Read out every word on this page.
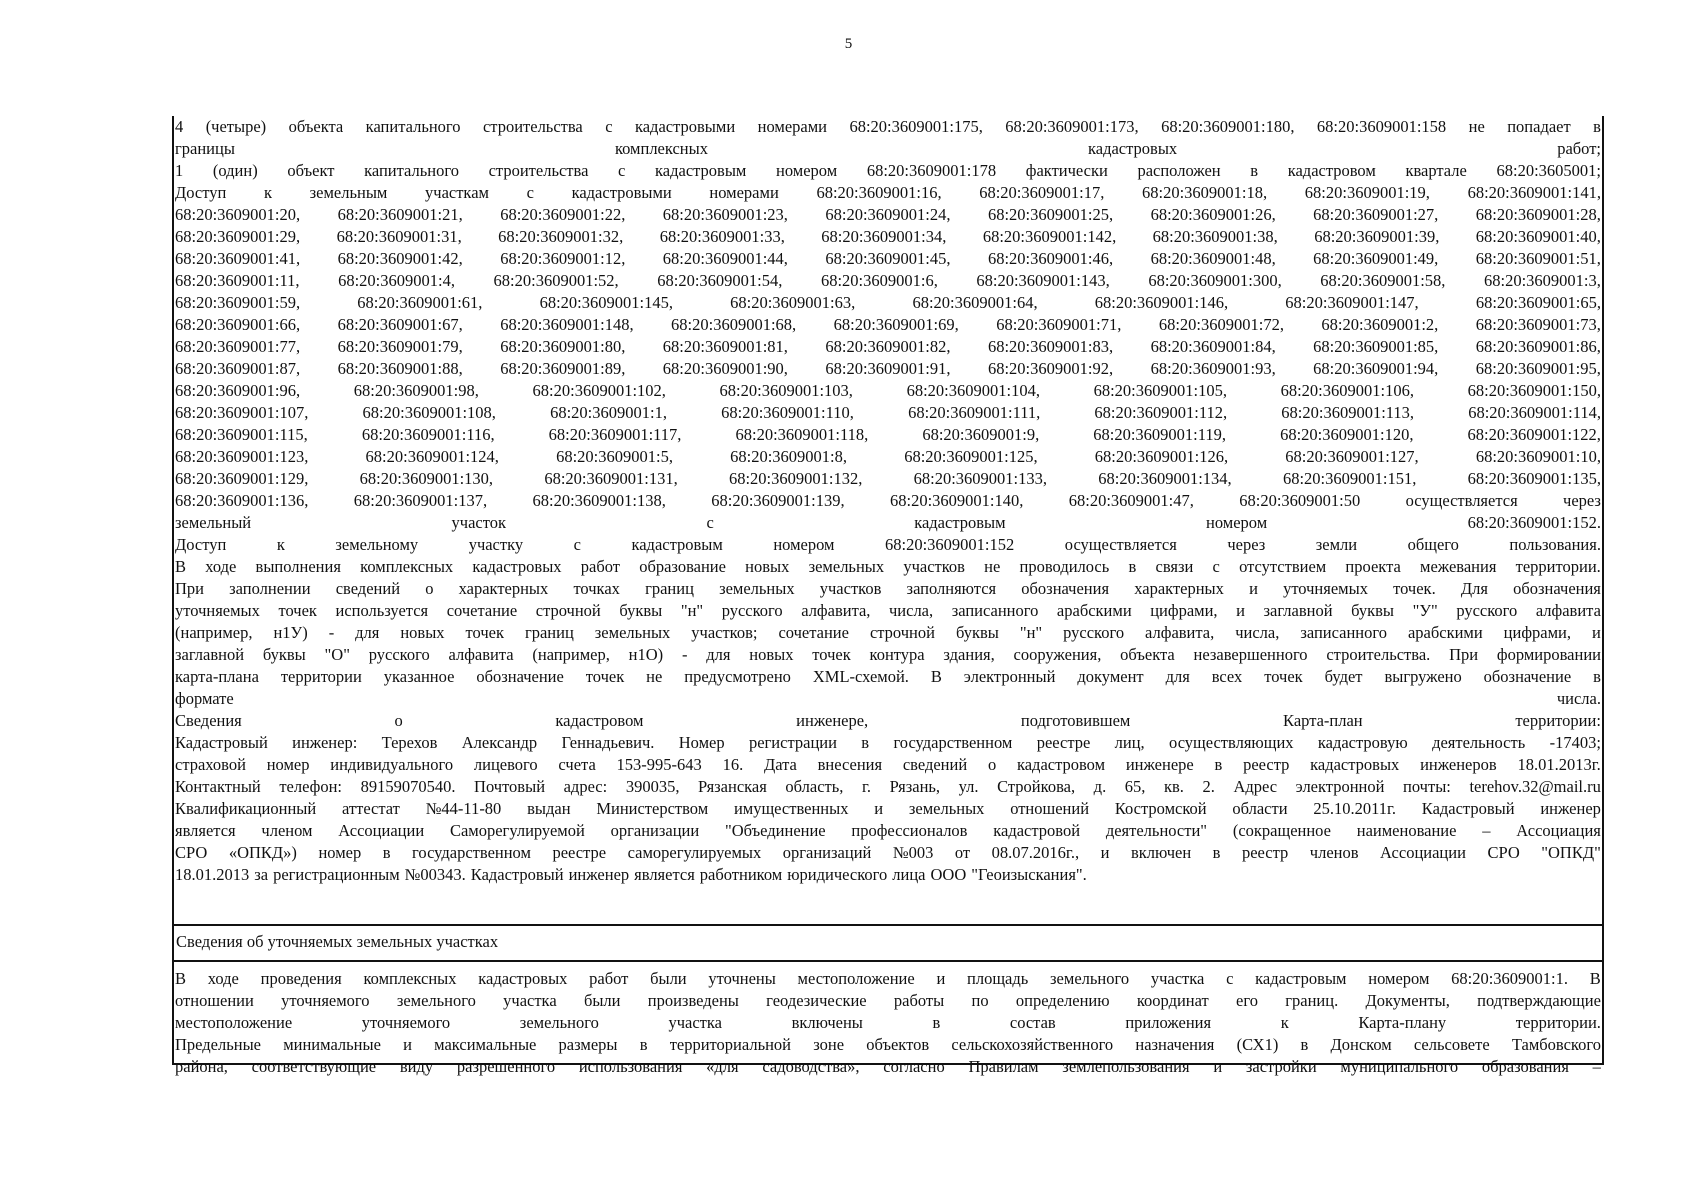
5
4 (четыре) объекта капитального строительства с кадастровыми номерами 68:20:3609001:175, 68:20:3609001:173, 68:20:3609001:180, 68:20:3609001:158 не попадает в
границы	комплексных	кадастровых	работ;
1 (один) объект капитального строительства с кадастровым номером 68:20:3609001:178 фактически расположен в кадастровом квартале 68:20:3605001;
Доступ к земельным участкам с кадастровыми номерами 68:20:3609001:16, 68:20:3609001:17, 68:20:3609001:18, 68:20:3609001:19, 68:20:3609001:141,
68:20:3609001:20, 68:20:3609001:21, 68:20:3609001:22, 68:20:3609001:23, 68:20:3609001:24, 68:20:3609001:25, 68:20:3609001:26, 68:20:3609001:27, 68:20:3609001:28,
68:20:3609001:29, 68:20:3609001:31, 68:20:3609001:32, 68:20:3609001:33, 68:20:3609001:34, 68:20:3609001:142, 68:20:3609001:38, 68:20:3609001:39, 68:20:3609001:40,
68:20:3609001:41, 68:20:3609001:42, 68:20:3609001:12, 68:20:3609001:44, 68:20:3609001:45, 68:20:3609001:46, 68:20:3609001:48, 68:20:3609001:49, 68:20:3609001:51,
68:20:3609001:11, 68:20:3609001:4, 68:20:3609001:52, 68:20:3609001:54, 68:20:3609001:6, 68:20:3609001:143, 68:20:3609001:300, 68:20:3609001:58, 68:20:3609001:3,
68:20:3609001:59,	68:20:3609001:61,	68:20:3609001:145,	68:20:3609001:63,	68:20:3609001:64,	68:20:3609001:146,	68:20:3609001:147,	68:20:3609001:65,
68:20:3609001:66, 68:20:3609001:67, 68:20:3609001:148, 68:20:3609001:68, 68:20:3609001:69, 68:20:3609001:71, 68:20:3609001:72, 68:20:3609001:2, 68:20:3609001:73,
68:20:3609001:77, 68:20:3609001:79, 68:20:3609001:80, 68:20:3609001:81, 68:20:3609001:82, 68:20:3609001:83, 68:20:3609001:84, 68:20:3609001:85, 68:20:3609001:86,
68:20:3609001:87, 68:20:3609001:88, 68:20:3609001:89, 68:20:3609001:90, 68:20:3609001:91, 68:20:3609001:92, 68:20:3609001:93, 68:20:3609001:94, 68:20:3609001:95,
68:20:3609001:96,	68:20:3609001:98,	68:20:3609001:102,	68:20:3609001:103,	68:20:3609001:104,	68:20:3609001:105,	68:20:3609001:106,	68:20:3609001:150,
68:20:3609001:107,	68:20:3609001:108,	68:20:3609001:1,	68:20:3609001:110,	68:20:3609001:111,	68:20:3609001:112,	68:20:3609001:113,	68:20:3609001:114,
68:20:3609001:115,	68:20:3609001:116,	68:20:3609001:117,	68:20:3609001:118,	68:20:3609001:9,	68:20:3609001:119,	68:20:3609001:120,	68:20:3609001:122,
68:20:3609001:123,	68:20:3609001:124,	68:20:3609001:5,	68:20:3609001:8,	68:20:3609001:125,	68:20:3609001:126,	68:20:3609001:127,	68:20:3609001:10,
68:20:3609001:129,	68:20:3609001:130,	68:20:3609001:131,	68:20:3609001:132,	68:20:3609001:133,	68:20:3609001:134,	68:20:3609001:151,	68:20:3609001:135,
68:20:3609001:136,	68:20:3609001:137,	68:20:3609001:138,	68:20:3609001:139,	68:20:3609001:140,	68:20:3609001:47,	68:20:3609001:50	осуществляется	через
земельный	участок	с	кадастровым	номером	68:20:3609001:152.
Доступ	к	земельному	участку	с	кадастровым	номером	68:20:3609001:152	осуществляется	через	земли	общего	пользования.
В ходе выполнения комплексных кадастровых работ образование новых земельных участков не проводилось в связи с отсутствием проекта межевания территории.
При заполнении сведений о характерных точках границ земельных участков заполняются обозначения характерных и уточняемых точек. Для обозначения
уточняемых точек используется сочетание строчной буквы "н" русского алфавита, числа, записанного арабскими цифрами, и заглавной буквы "У" русского алфавита
(например, н1У) - для новых точек границ земельных участков; сочетание строчной буквы "н" русского алфавита, числа, записанного арабскими цифрами, и
заглавной буквы "О" русского алфавита (например, н1О) - для новых точек контура здания, сооружения, объекта незавершенного строительства. При формировании
карта-плана территории указанное обозначение точек не предусмотрено XML-схемой. В электронный документ для всех точек будет выгружено обозначение в
формате	числа.
Сведения	о	кадастровом	инженере,	подготовившем	Карта-план	территории:
Кадастровый инженер: Терехов Александр Геннадьевич. Номер регистрации в государственном реестре лиц, осуществляющих кадастровую деятельность -17403;
страховой номер индивидуального лицевого счета 153-995-643 16. Дата внесения сведений о кадастровом инженере в реестр кадастровых инженеров 18.01.2013г.
Контактный телефон: 89159070540. Почтовый адрес: 390035, Рязанская область, г. Рязань, ул. Стройкова, д. 65, кв. 2. Адрес электронной почты: terehov.32@mail.ru
Квалификационный аттестат №44-11-80 выдан Министерством имущественных и земельных отношений Костромской области 25.10.2011г. Кадастровый инженер
является членом Ассоциации Саморегулируемой организации "Объединение профессионалов кадастровой деятельности" (сокращенное наименование – Ассоциация
СРО «ОПКД») номер в государственном реестре саморегулируемых организаций №003 от 08.07.2016г., и включен в реестр членов Ассоциации СРО "ОПКД"
18.01.2013 за регистрационным №00343. Кадастровый инженер является работником юридического лица ООО "Геоизыскания".
Сведения об уточняемых земельных участках
В ходе проведения комплексных кадастровых работ были уточнены местоположение и площадь земельного участка с кадастровым номером 68:20:3609001:1. В
отношении уточняемого земельного участка были произведены геодезические работы по определению координат его границ. Документы, подтверждающие
местоположение	уточняемого	земельного	участка	включены	в	состав	приложения	к	Карта-плану	территории.
Предельные минимальные и максимальные размеры в территориальной зоне объектов сельскохозяйственного назначения (СХ1) в Донском сельсовете Тамбовского
района, соответствующие виду разрешенного использования «для садоводства», согласно Правилам землепользования и застройки муниципального образования –
